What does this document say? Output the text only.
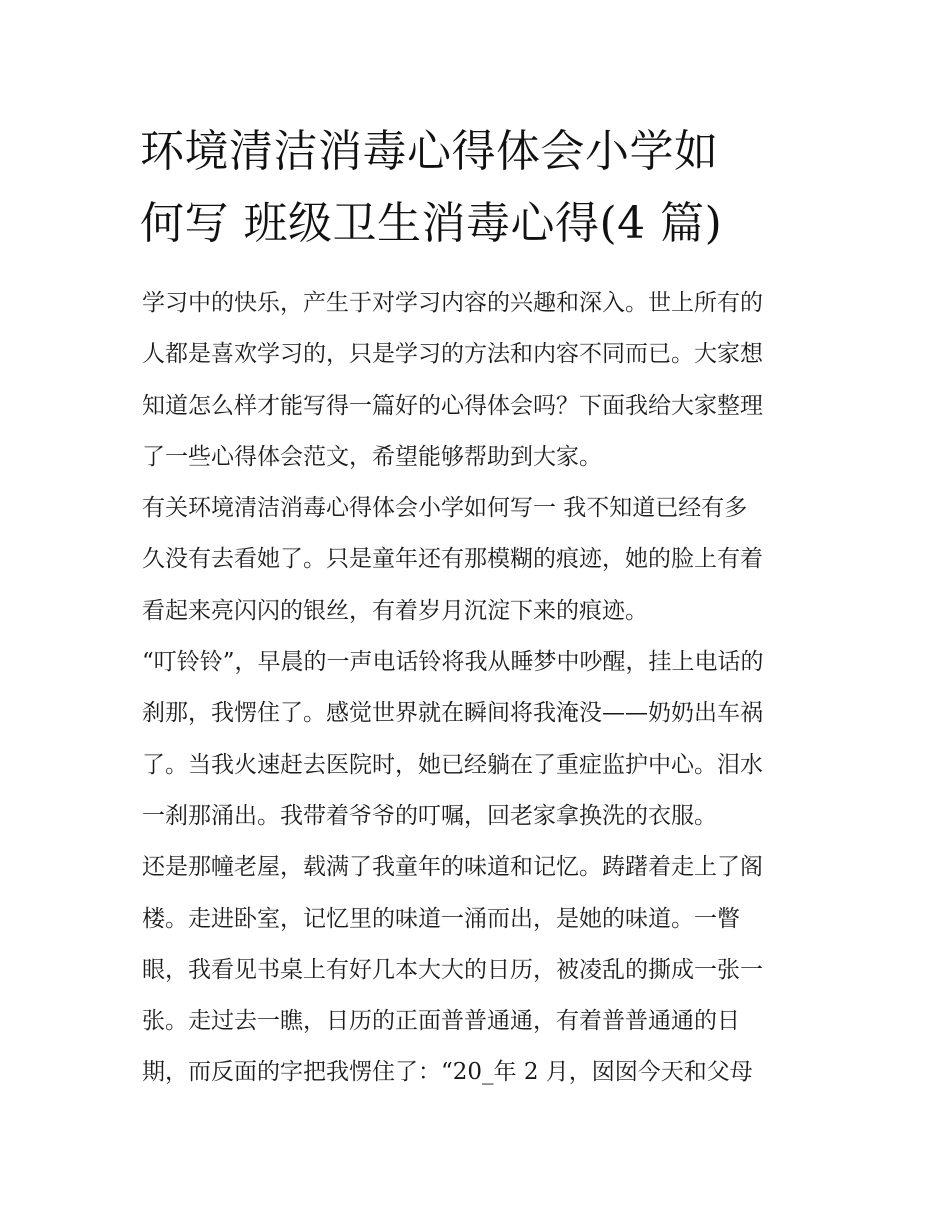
环境清洁消毒心得体会小学如
何写 班级卫生消毒心得(4 篇)

学习中的快乐，产生于对学习内容的兴趣和深入。世上所有的
人都是喜欢学习的，只是学习的方法和内容不同而已。大家想
知道怎么样才能写得一篇好的心得体会吗？下面我给大家整理
了一些心得体会范文，希望能够帮助到大家。

有关环境清洁消毒心得体会小学如何写一 我不知道已经有多
久没有去看她了。只是童年还有那模糊的痕迹，她的脸上有着
看起来亮闪闪的银丝，有着岁月沉淀下来的痕迹。

“叮铃铃”，早晨的一声电话铃将我从睡梦中吵醒，挂上电话的
刹那，我愣住了。感觉世界就在瞬间将我淹没——奶奶出车祸
了。当我火速赶去医院时，她已经躺在了重症监护中心。泪水
一刹那涌出。我带着爷爷的叮嘱，回老家拿换洗的衣服。

还是那幢老屋，载满了我童年的味道和记忆。踌躇着走上了阁
楼。走进卧室，记忆里的味道一涌而出，是她的味道。一瞥
眼，我看见书桌上有好几本大大的日历，被凌乱的撕成一张一
张。走过去一瞧，日历的正面普普通通，有着普普通通的日
期，而反面的字把我愣住了：“20_年 2 月，囡囡今天和父母
